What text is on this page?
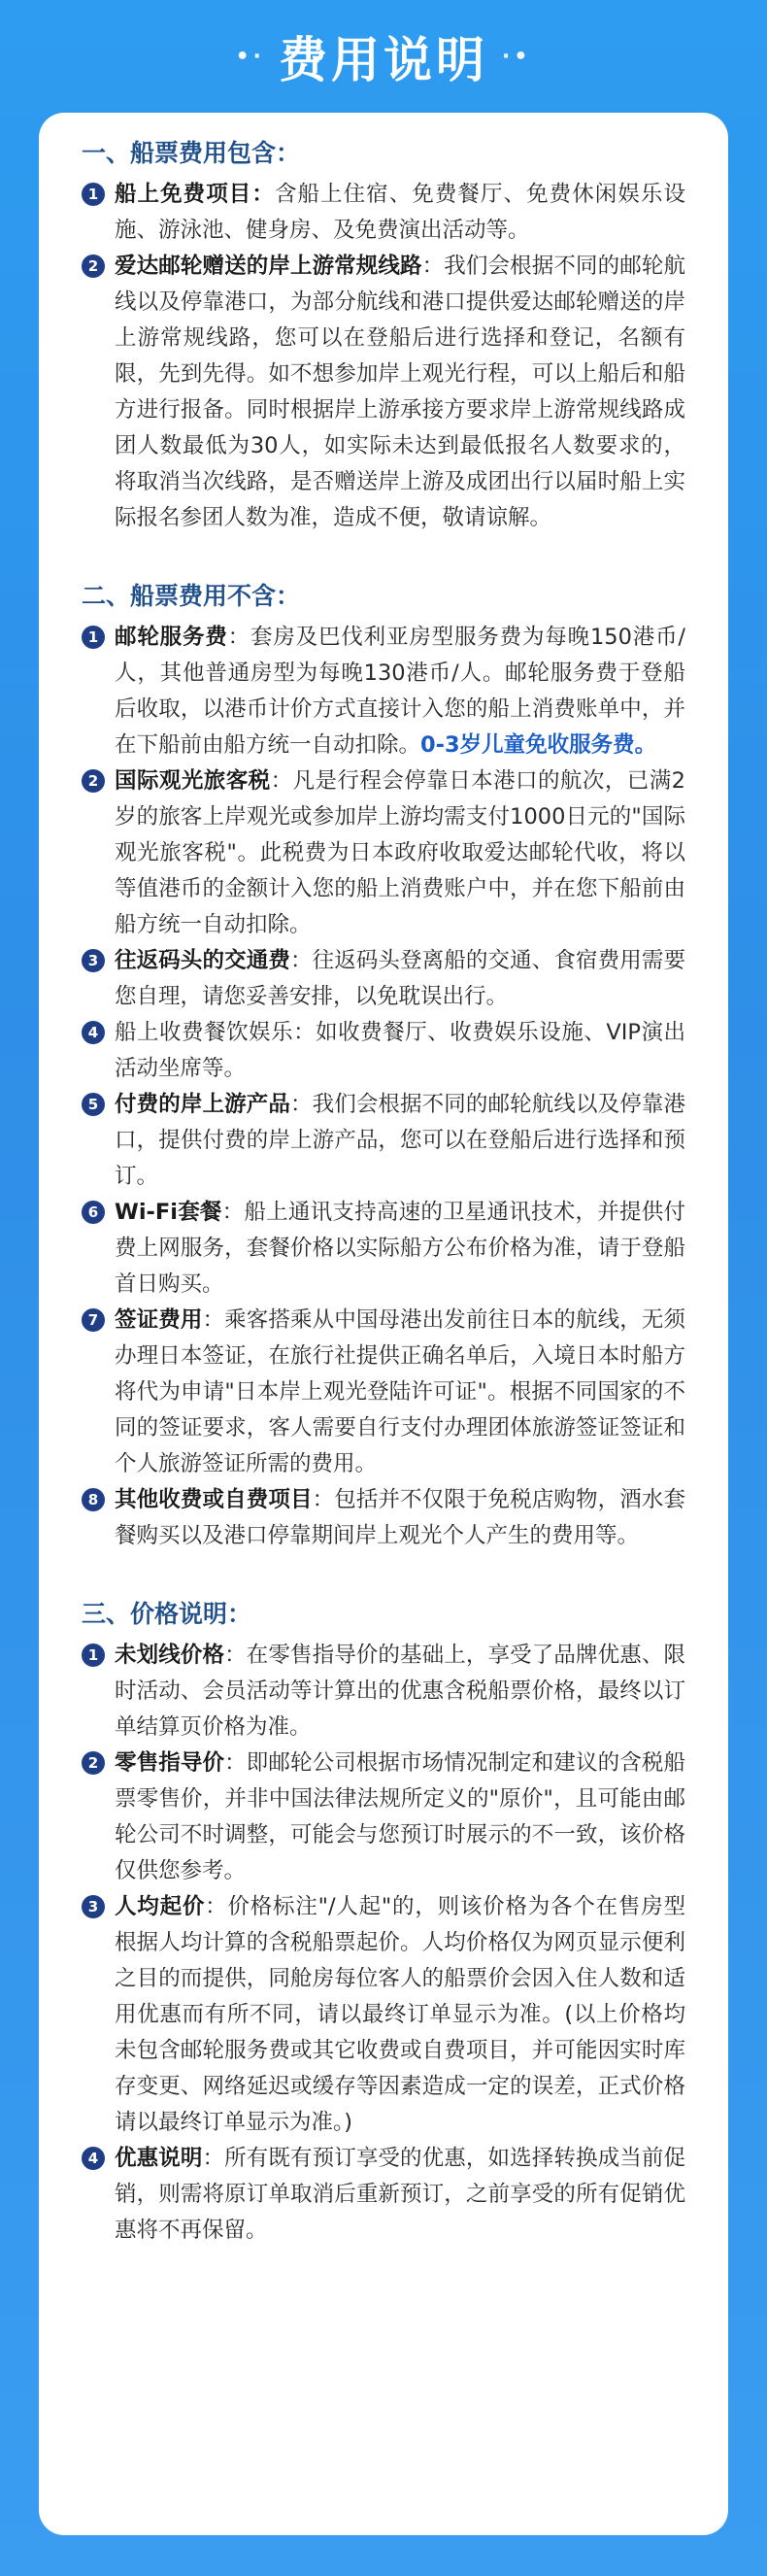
•∙ 费用说明 ∙•
一、船票费用包含：
1 船上免费项目：含船上住宿、免费餐厅、免费休闲娱乐设施、游泳池、健身房、及免费演出活动等。
2 爱达邮轮赠送的岸上游常规线路：我们会根据不同的邮轮航线以及停靠港口，为部分航线和港口提供爱达邮轮赠送的岸上游常规线路，您可以在登船后进行选择和登记，名额有限，先到先得。如不想参加岸上观光行程，可以上船后和船方进行报备。同时根据岸上游承接方要求岸上游常规线路成团人数最低为30人，如实际未达到最低报名人数要求的，将取消当次线路，是否赠送岸上游及成团出行以届时船上实际报名参团人数为准，造成不便，敬请谅解。
二、船票费用不含：
1 邮轮服务费：套房及巴伐利亚房型服务费为每晚150港币/人，其他普通房型为每晚130港币/人。邮轮服务费于登船后收取，以港币计价方式直接计入您的船上消费账单中，并在下船前由船方统一自动扣除。0-3岁儿童免收服务费。
2 国际观光旅客税：凡是行程会停靠日本港口的航次，已满2岁的旅客上岸观光或参加岸上游均需支付1000日元的"国际观光旅客税"。此税费为日本政府收取爱达邮轮代收，将以等值港币的金额计入您的船上消费账户中，并在您下船前由船方统一自动扣除。
3 往返码头的交通费：往返码头登离船的交通、食宿费用需要您自理，请您妥善安排，以免耽误出行。
4 船上收费餐饮娱乐：如收费餐厅、收费娱乐设施、VIP演出活动坐席等。
5 付费的岸上游产品：我们会根据不同的邮轮航线以及停靠港口，提供付费的岸上游产品，您可以在登船后进行选择和预订。
6 Wi-Fi套餐：船上通讯支持高速的卫星通讯技术，并提供付费上网服务，套餐价格以实际船方公布价格为准，请于登船首日购买。
7 签证费用：乘客搭乘从中国母港出发前往日本的航线，无须办理日本签证，在旅行社提供正确名单后，入境日本时船方将代为申请"日本岸上观光登陆许可证"。根据不同国家的不同的签证要求，客人需要自行支付办理团体旅游签证签证和个人旅游签证所需的费用。
8 其他收费或自费项目：包括并不仅限于免税店购物，酒水套餐购买以及港口停靠期间岸上观光个人产生的费用等。
三、价格说明：
1 未划线价格：在零售指导价的基础上，享受了品牌优惠、限时活动、会员活动等计算出的优惠含税船票价格，最终以订单结算页价格为准。
2 零售指导价：即邮轮公司根据市场情况制定和建议的含税船票零售价，并非中国法律法规所定义的"原价"，且可能由邮轮公司不时调整，可能会与您预订时展示的不一致，该价格仅供您参考。
3 人均起价：价格标注"/人起"的，则该价格为各个在售房型根据人均计算的含税船票起价。人均价格仅为网页显示便利之目的而提供，同舱房每位客人的船票价会因入住人数和适用优惠而有所不同，请以最终订单显示为准。(以上价格均未包含邮轮服务费或其它收费或自费项目，并可能因实时库存变更、网络延迟或缓存等因素造成一定的误差，正式价格请以最终订单显示为准。)
4 优惠说明：所有既有预订享受的优惠，如选择转换成当前促销，则需将原订单取消后重新预订，之前享受的所有促销优惠将不再保留。
